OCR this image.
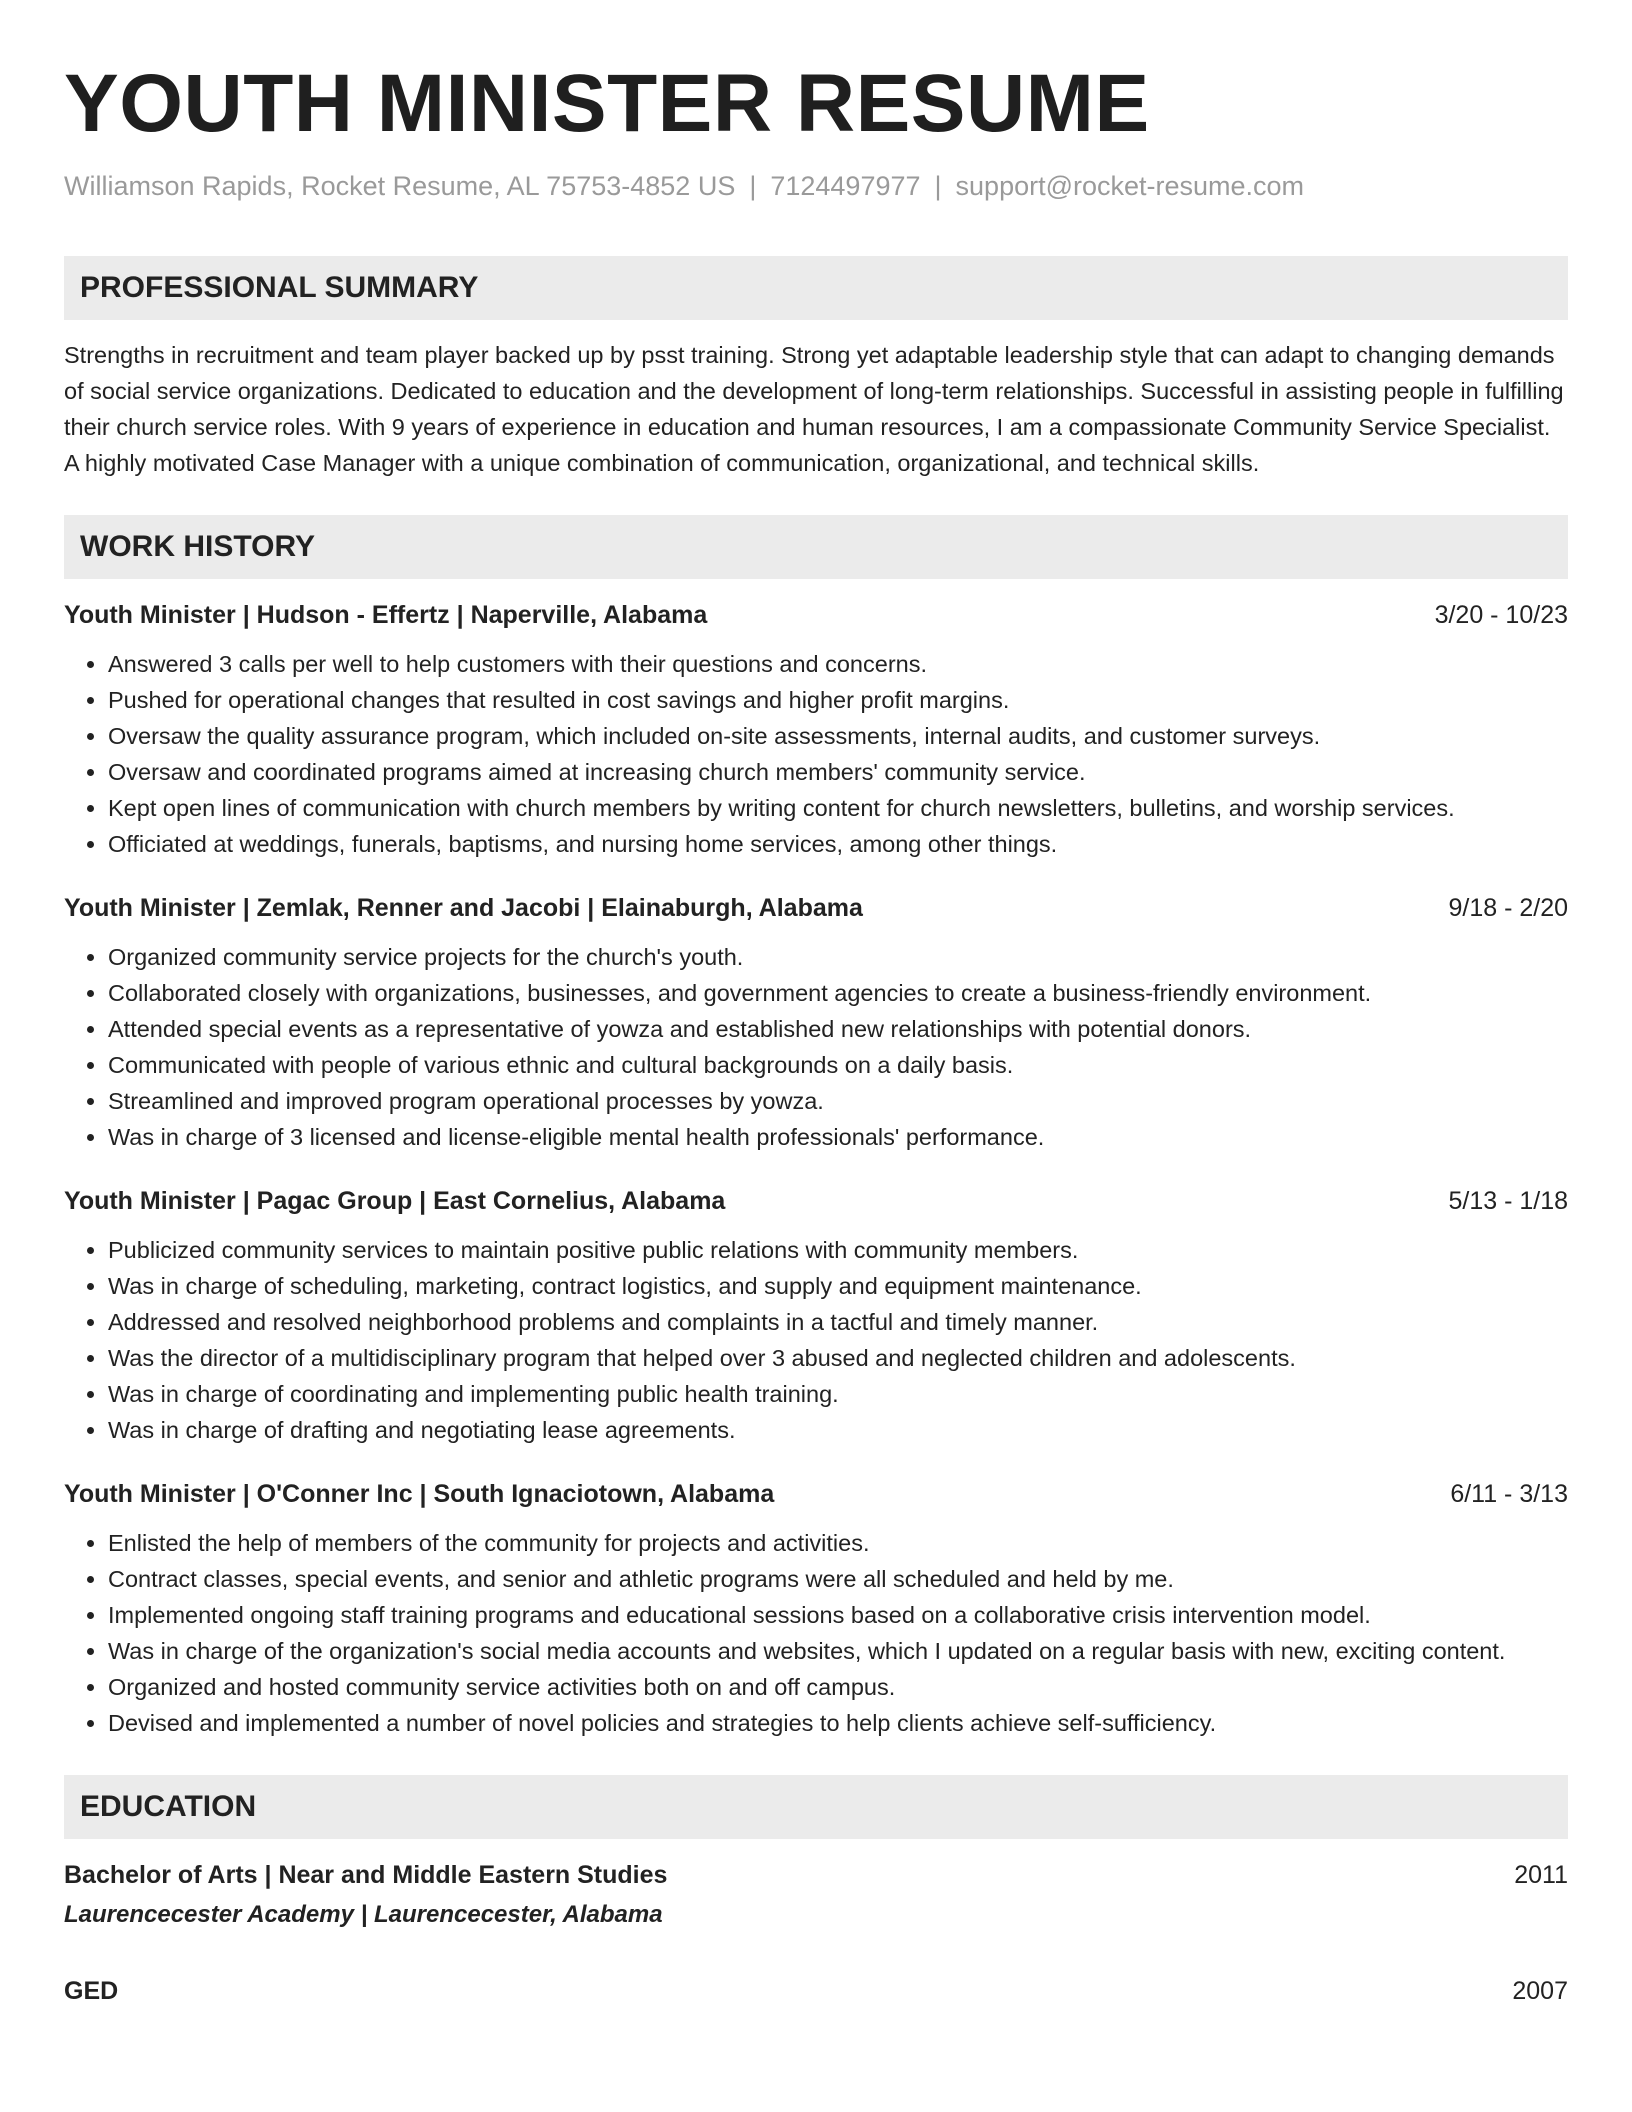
YOUTH MINISTER RESUME
Williamson Rapids, Rocket Resume, AL 75753-4852 US | 7124497977 | support@rocket-resume.com
PROFESSIONAL SUMMARY
Strengths in recruitment and team player backed up by psst training. Strong yet adaptable leadership style that can adapt to changing demands of social service organizations. Dedicated to education and the development of long-term relationships. Successful in assisting people in fulfilling their church service roles. With 9 years of experience in education and human resources, I am a compassionate Community Service Specialist. A highly motivated Case Manager with a unique combination of communication, organizational, and technical skills.
WORK HISTORY
Youth Minister | Hudson - Effertz | Naperville, Alabama	3/20 - 10/23
• Answered 3 calls per well to help customers with their questions and concerns.
• Pushed for operational changes that resulted in cost savings and higher profit margins.
• Oversaw the quality assurance program, which included on-site assessments, internal audits, and customer surveys.
• Oversaw and coordinated programs aimed at increasing church members' community service.
• Kept open lines of communication with church members by writing content for church newsletters, bulletins, and worship services.
• Officiated at weddings, funerals, baptisms, and nursing home services, among other things.
Youth Minister | Zemlak, Renner and Jacobi | Elainaburgh, Alabama	9/18 - 2/20
• Organized community service projects for the church's youth.
• Collaborated closely with organizations, businesses, and government agencies to create a business-friendly environment.
• Attended special events as a representative of yowza and established new relationships with potential donors.
• Communicated with people of various ethnic and cultural backgrounds on a daily basis.
• Streamlined and improved program operational processes by yowza.
• Was in charge of 3 licensed and license-eligible mental health professionals' performance.
Youth Minister | Pagac Group | East Cornelius, Alabama	5/13 - 1/18
• Publicized community services to maintain positive public relations with community members.
• Was in charge of scheduling, marketing, contract logistics, and supply and equipment maintenance.
• Addressed and resolved neighborhood problems and complaints in a tactful and timely manner.
• Was the director of a multidisciplinary program that helped over 3 abused and neglected children and adolescents.
• Was in charge of coordinating and implementing public health training.
• Was in charge of drafting and negotiating lease agreements.
Youth Minister | O'Conner Inc | South Ignaciotown, Alabama	6/11 - 3/13
• Enlisted the help of members of the community for projects and activities.
• Contract classes, special events, and senior and athletic programs were all scheduled and held by me.
• Implemented ongoing staff training programs and educational sessions based on a collaborative crisis intervention model.
• Was in charge of the organization's social media accounts and websites, which I updated on a regular basis with new, exciting content.
• Organized and hosted community service activities both on and off campus.
• Devised and implemented a number of novel policies and strategies to help clients achieve self-sufficiency.
EDUCATION
Bachelor of Arts | Near and Middle Eastern Studies	2011
Laurencecester Academy | Laurencecester, Alabama
GED	2007
